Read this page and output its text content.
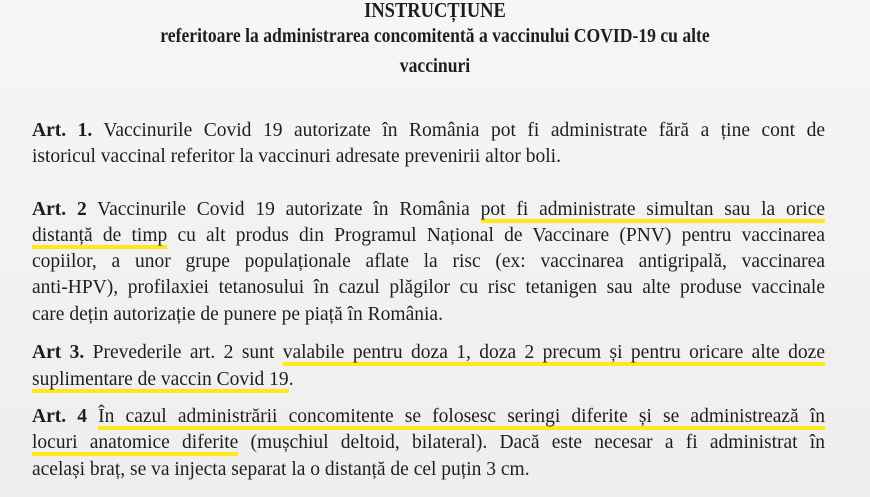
INSTRUCȚIUNE
referitoare la administrarea concomitentă a vaccinului COVID-19 cu alte
vaccinuri
Art. 1. Vaccinurile Covid 19 autorizate în România pot fi administrate fără a ține cont de
istoricul vaccinal referitor la vaccinuri adresate prevenirii altor boli.
Art. 2 Vaccinurile Covid 19 autorizate în România pot fi administrate simultan sau la orice
distanță de timp cu alt produs din Programul Național de Vaccinare (PNV) pentru vaccinarea
copiilor, a unor grupe populaționale aflate la risc (ex: vaccinarea antigripală, vaccinarea
anti-HPV), profilaxiei tetanosului în cazul plăgilor cu risc tetanigen sau alte produse vaccinale
care dețin autorizație de punere pe piață în România.
Art 3. Prevederile art. 2 sunt valabile pentru doza 1, doza 2 precum și pentru oricare alte doze
suplimentare de vaccin Covid 19.
Art. 4 În cazul administrării concomitente se folosesc seringi diferite și se administrează în
locuri anatomice diferite (mușchiul deltoid, bilateral). Dacă este necesar a fi administrat în
același braț, se va injecta separat la o distanță de cel puțin 3 cm.
